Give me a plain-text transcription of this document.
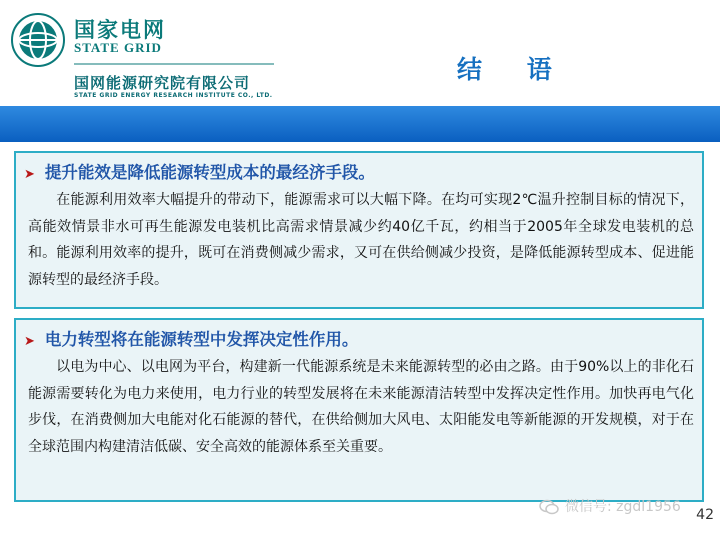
国家电网
STATE GRID
国网能源研究院有限公司
STATE GRID ENERGY RESEARCH INSTITUTE CO., LTD.
结 语
➤ 提升能效是降低能源转型成本的最经济手段。
在能源利用效率大幅提升的带动下，能源需求可以大幅下降。在均可实现2℃温升控制目标的情况下，高能效情景非水可再生能源发电装机比高需求情景减少约40亿千瓦，约相当于2005年全球发电装机的总和。能源利用效率的提升，既可在消费侧减少需求，又可在供给侧减少投资，是降低能源转型成本、促进能源转型的最经济手段。
➤ 电力转型将在能源转型中发挥决定性作用。
以电为中心、以电网为平台，构建新一代能源系统是未来能源转型的必由之路。由于90%以上的非化石能源需要转化为电力来使用，电力行业的转型发展将在未来能源清洁转型中发挥决定性作用。加快再电气化步伐，在消费侧加大电能对化石能源的替代，在供给侧加大风电、太阳能发电等新能源的开发规模，对于在全球范围内构建清洁低碳、安全高效的能源体系至关重要。
微信号: zgdl1956 42
